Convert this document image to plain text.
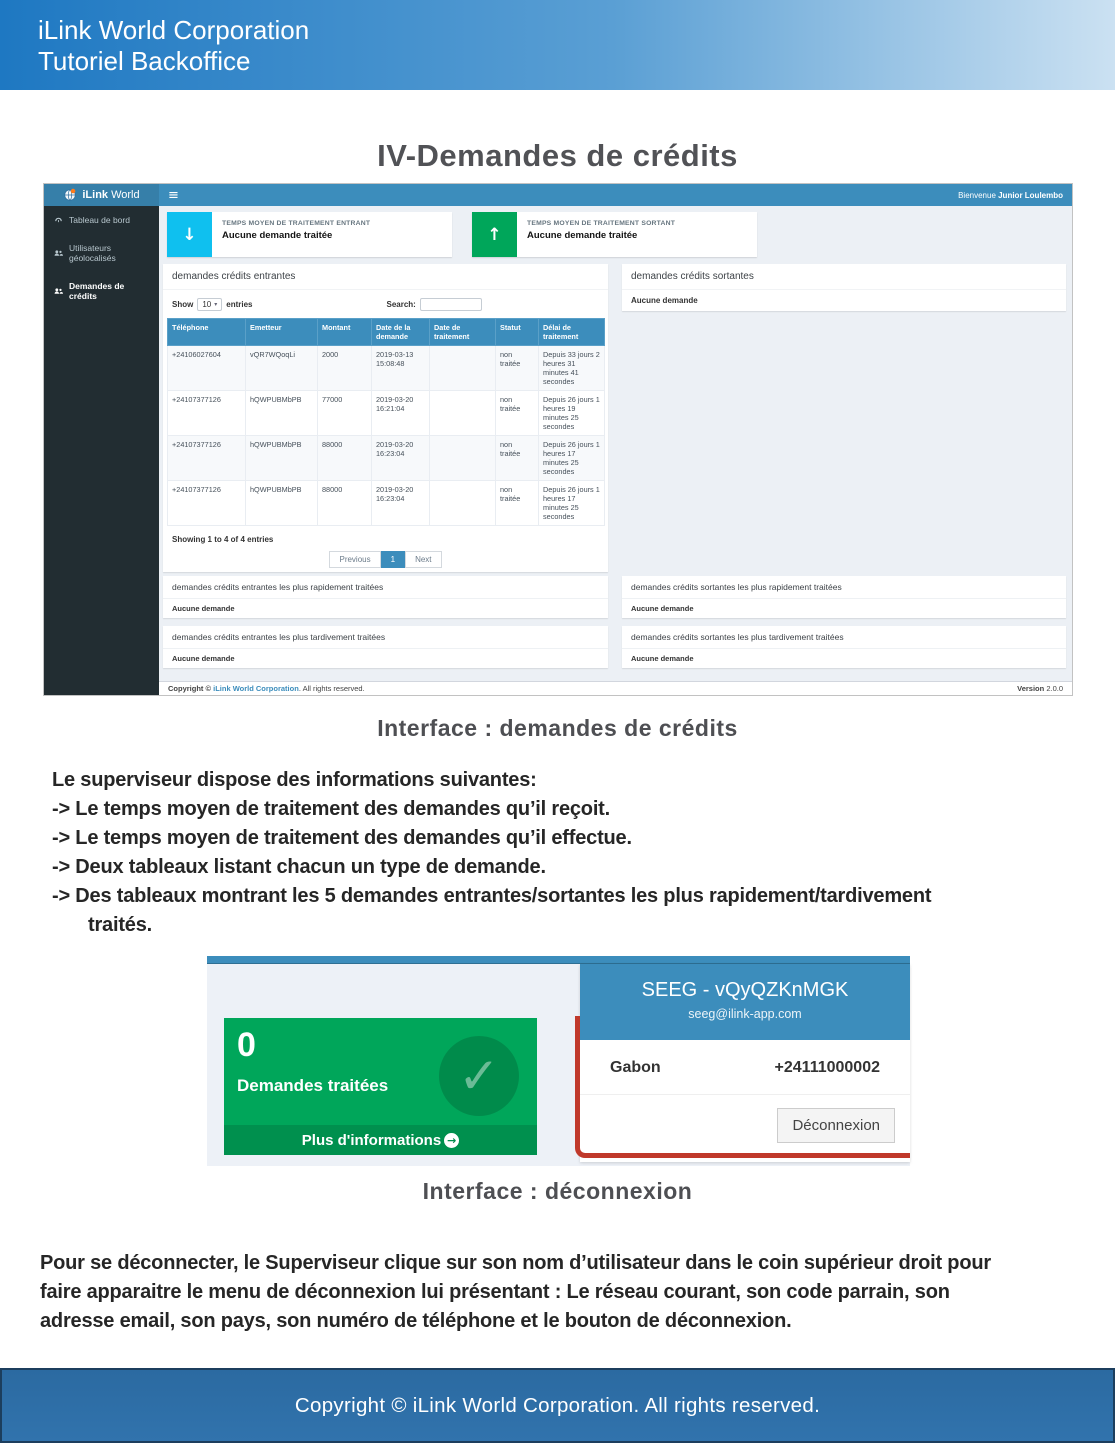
iLink World Corporation
Tutoriel Backoffice
IV-Demandes de crédits
iLink World ≡	Bienvenue Junior Loulembo
Tableau de bord
Utilisateurs géolocalisés
Demandes de crédits
↓
TEMPS MOYEN DE TRAITEMENT ENTRANT
Aucune demande traitée	↑
TEMPS MOYEN DE TRAITEMENT SORTANT
Aucune demande traitée
demandes crédits entrantes
Show 10 ▾ entries	Search:
Téléphone	Emetteur	Montant	Date de la demande	Date de traitement	Statut	Délai de traitement
+24106027604	vQR7WQoqLi	2000	2019-03-13 15:08:48		non traitée	Depuis 33 jours 2 heures 31 minutes 41 secondes
+24107377126	hQWPUBMbPB	77000	2019-03-20 16:21:04		non traitée	Depuis 26 jours 1 heures 19 minutes 25 secondes
+24107377126	hQWPUBMbPB	88000	2019-03-20 16:23:04		non traitée	Depuis 26 jours 1 heures 17 minutes 25 secondes
+24107377126	hQWPUBMbPB	88000	2019-03-20 16:23:04		non traitée	Depuis 26 jours 1 heures 17 minutes 25 secondes
Showing 1 to 4 of 4 entries
Previous	1	Next
demandes crédits sortantes
Aucune demande
demandes crédits entrantes les plus rapidement traitées
Aucune demande
demandes crédits sortantes les plus rapidement traitées
Aucune demande
demandes crédits entrantes les plus tardivement traitées
Aucune demande
demandes crédits sortantes les plus tardivement traitées
Aucune demande
Copyright © iLink World Corporation. All rights reserved.	Version 2.0.0
Interface : demandes de crédits
Le superviseur dispose des informations suivantes:
-> Le temps moyen de traitement des demandes qu’il reçoit.
-> Le temps moyen de traitement des demandes qu’il effectue.
-> Deux tableaux listant chacun un type de demande.
-> Des tableaux montrant les 5 demandes entrantes/sortantes les plus rapidement/tardivement
traités.
0
Demandes traitées	✓
Plus d'informations →
SEEG - vQyQZKnMGK
seeg@ilink-app.com
Gabon	+24111000002
Déconnexion
Interface : déconnexion
Pour se déconnecter, le Superviseur clique sur son nom d’utilisateur dans le coin supérieur droit pour
faire apparaitre le menu de déconnexion lui présentant : Le réseau courant, son code parrain, son
adresse email, son pays, son numéro de téléphone et le bouton de déconnexion.
Copyright © iLink World Corporation. All rights reserved.
